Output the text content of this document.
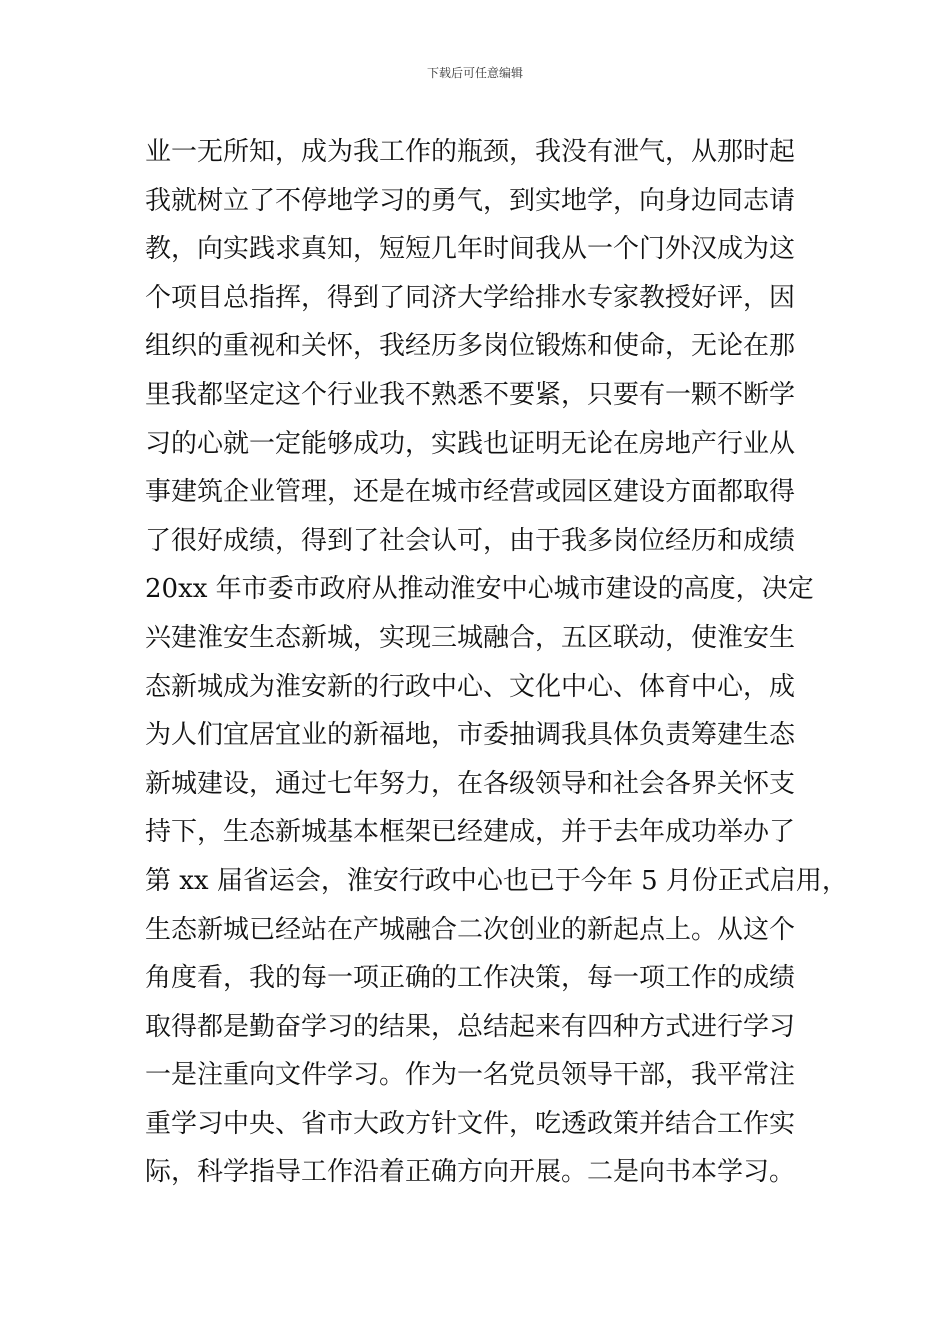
下载后可任意编辑
业一无所知，成为我工作的瓶颈，我没有泄气，从那时起
我就树立了不停地学习的勇气，到实地学，向身边同志请
教，向实践求真知，短短几年时间我从一个门外汉成为这
个项目总指挥，得到了同济大学给排水专家教授好评，因
组织的重视和关怀，我经历多岗位锻炼和使命，无论在那
里我都坚定这个行业我不熟悉不要紧，只要有一颗不断学
习的心就一定能够成功，实践也证明无论在房地产行业从
事建筑企业管理，还是在城市经营或园区建设方面都取得
了很好成绩，得到了社会认可，由于我多岗位经历和成绩
20xx 年市委市政府从推动淮安中心城市建设的高度，决定
兴建淮安生态新城，实现三城融合，五区联动，使淮安生
态新城成为淮安新的行政中心、文化中心、体育中心，成
为人们宜居宜业的新福地，市委抽调我具体负责筹建生态
新城建设，通过七年努力，在各级领导和社会各界关怀支
持下，生态新城基本框架已经建成，并于去年成功举办了
第 xx 届省运会，淮安行政中心也已于今年 5 月份正式启用，
生态新城已经站在产城融合二次创业的新起点上。从这个
角度看，我的每一项正确的工作决策，每一项工作的成绩
取得都是勤奋学习的结果，总结起来有四种方式进行学习
一是注重向文件学习。作为一名党员领导干部，我平常注
重学习中央、省市大政方针文件，吃透政策并结合工作实
际，科学指导工作沿着正确方向开展。二是向书本学习。
